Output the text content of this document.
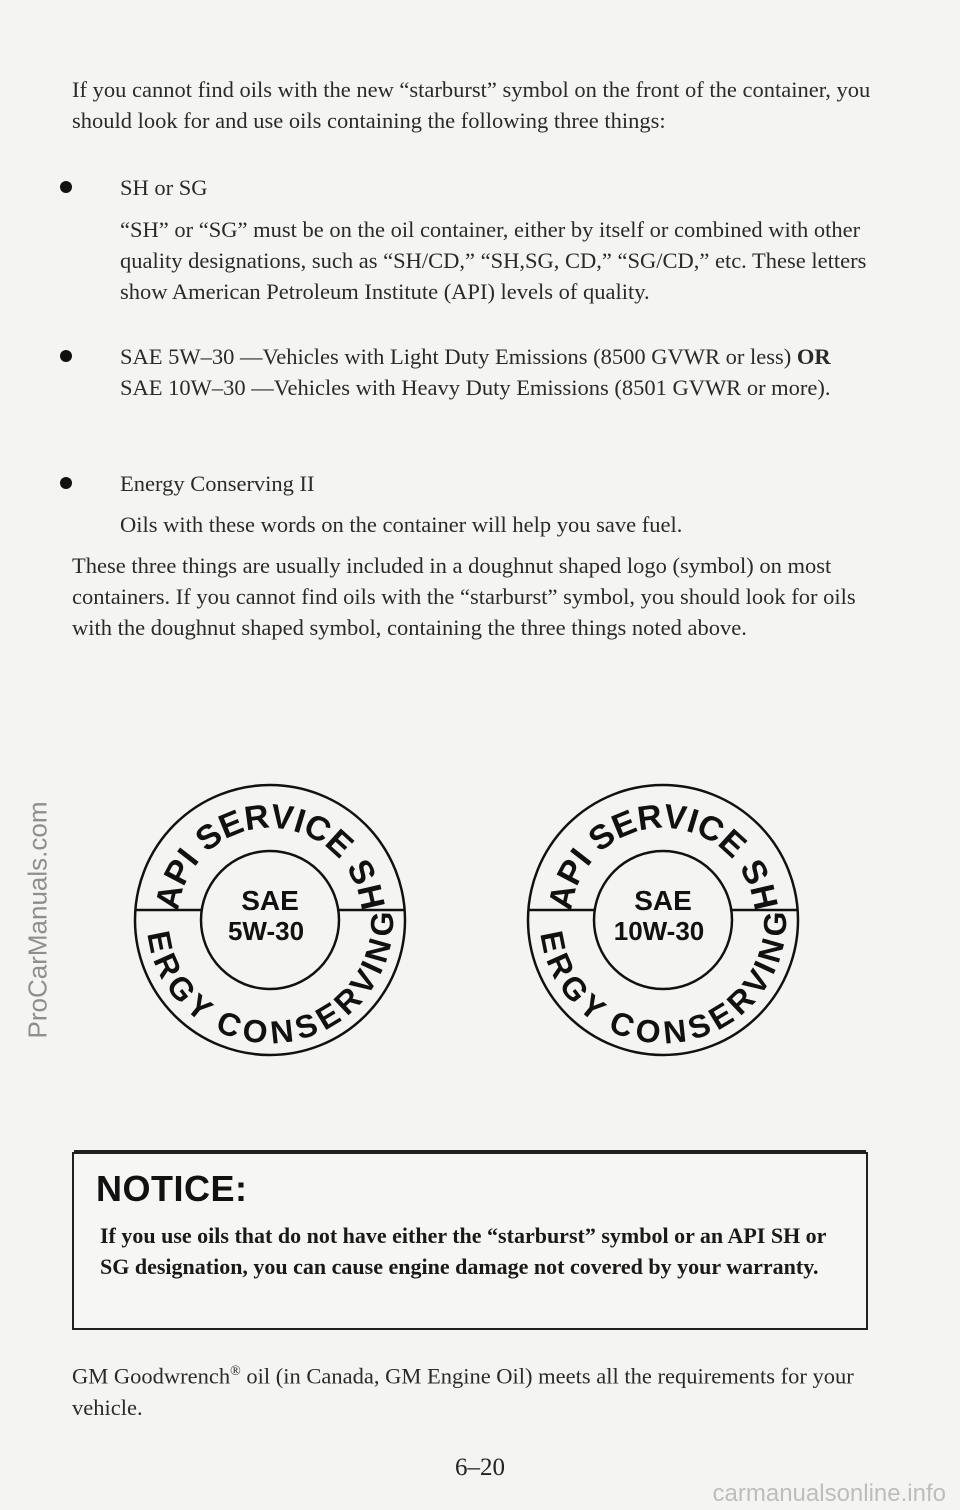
If you cannot find oils with the new “starburst” symbol on the front of the container, you should look for and use oils containing the following three things:

SH or SG
“SH” or “SG” must be on the oil container, either by itself or combined with other quality designations, such as “SH/CD,” “SH,SG, CD,” “SG/CD,” etc. These letters show American Petroleum Institute (API) levels of quality.
SAE 5W–30 —Vehicles with Light Duty Emissions (8500 GVWR or less) OR
SAE 10W–30 —Vehicles with Heavy Duty Emissions (8501 GVWR or more).
Energy Conserving II
Oils with these words on the container will help you save fuel.

These three things are usually included in a doughnut shaped logo (symbol) on most containers. If you cannot find oils with the “starburst” symbol, you should look for oils with the doughnut shaped symbol, containing the three things noted above.

API SERVICE SH
ERGY CONSERVING
SAE
5W-30
API SERVICE SH
ERGY CONSERVING
SAE
10W-30
NOTICE:
If you use oils that do not have either the “starburst” symbol or an API SH or SG designation, you can cause engine damage not covered by your warranty.

GM Goodwrench® oil (in Canada, GM Engine Oil) meets all the requirements for your vehicle.

6–20
ProCarManuals.com
carmanualsonline.info
